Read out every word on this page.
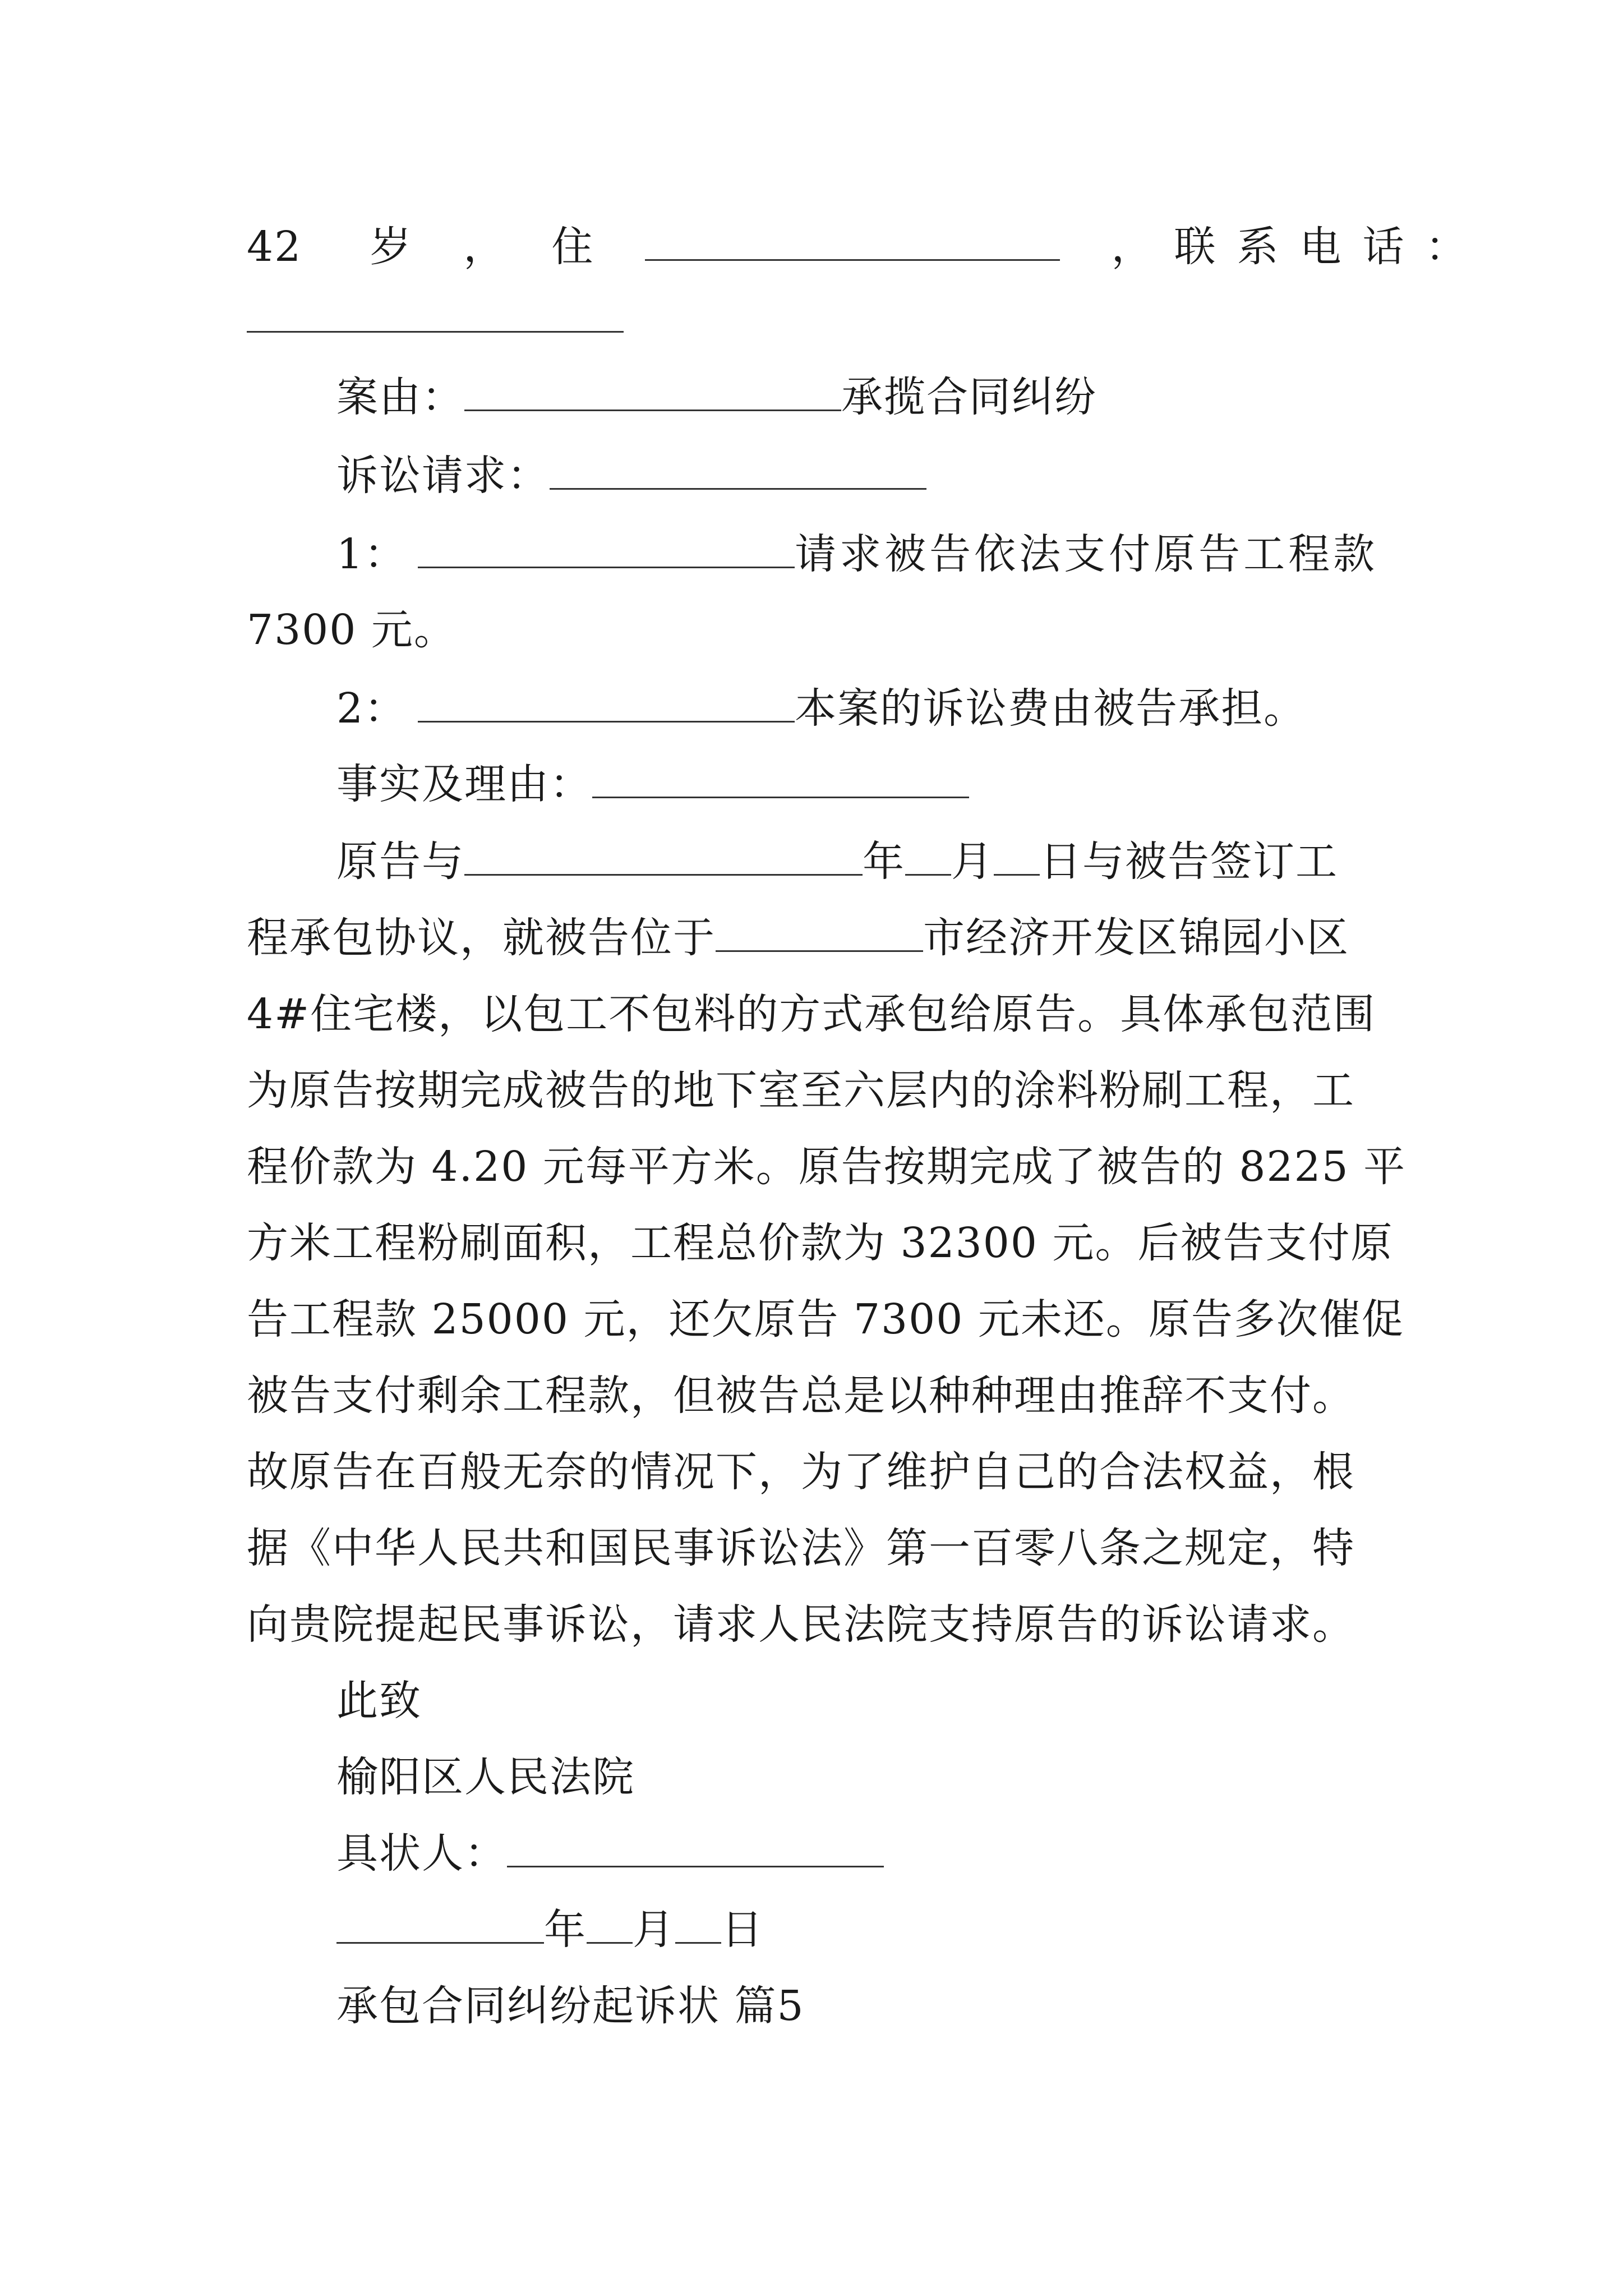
42 岁 ， 住	，联系电话：
案由：	承揽合同纠纷
诉讼请求：
1：	请求被告依法支付原告工程款
7300 元。
2：	本案的诉讼费由被告承担。
事实及理由：
原告与	年 月 日与被告签订工
程承包协议，就被告位于	市经济开发区锦园小区
4#住宅楼，以包工不包料的方式承包给原告。具体承包范围
为原告按期完成被告的地下室至六层内的涂料粉刷工程，工
程价款为 4.20 元每平方米。原告按期完成了被告的 8225 平
方米工程粉刷面积，工程总价款为 32300 元。后被告支付原
告工程款 25000 元，还欠原告 7300 元未还。原告多次催促
被告支付剩余工程款，但被告总是以种种理由推辞不支付。
故原告在百般无奈的情况下，为了维护自己的合法权益，根
据《中华人民共和国民事诉讼法》第一百零八条之规定，特
向贵院提起民事诉讼，请求人民法院支持原告的诉讼请求。
此致
榆阳区人民法院
具状人：
年 月 日
承包合同纠纷起诉状 篇5
